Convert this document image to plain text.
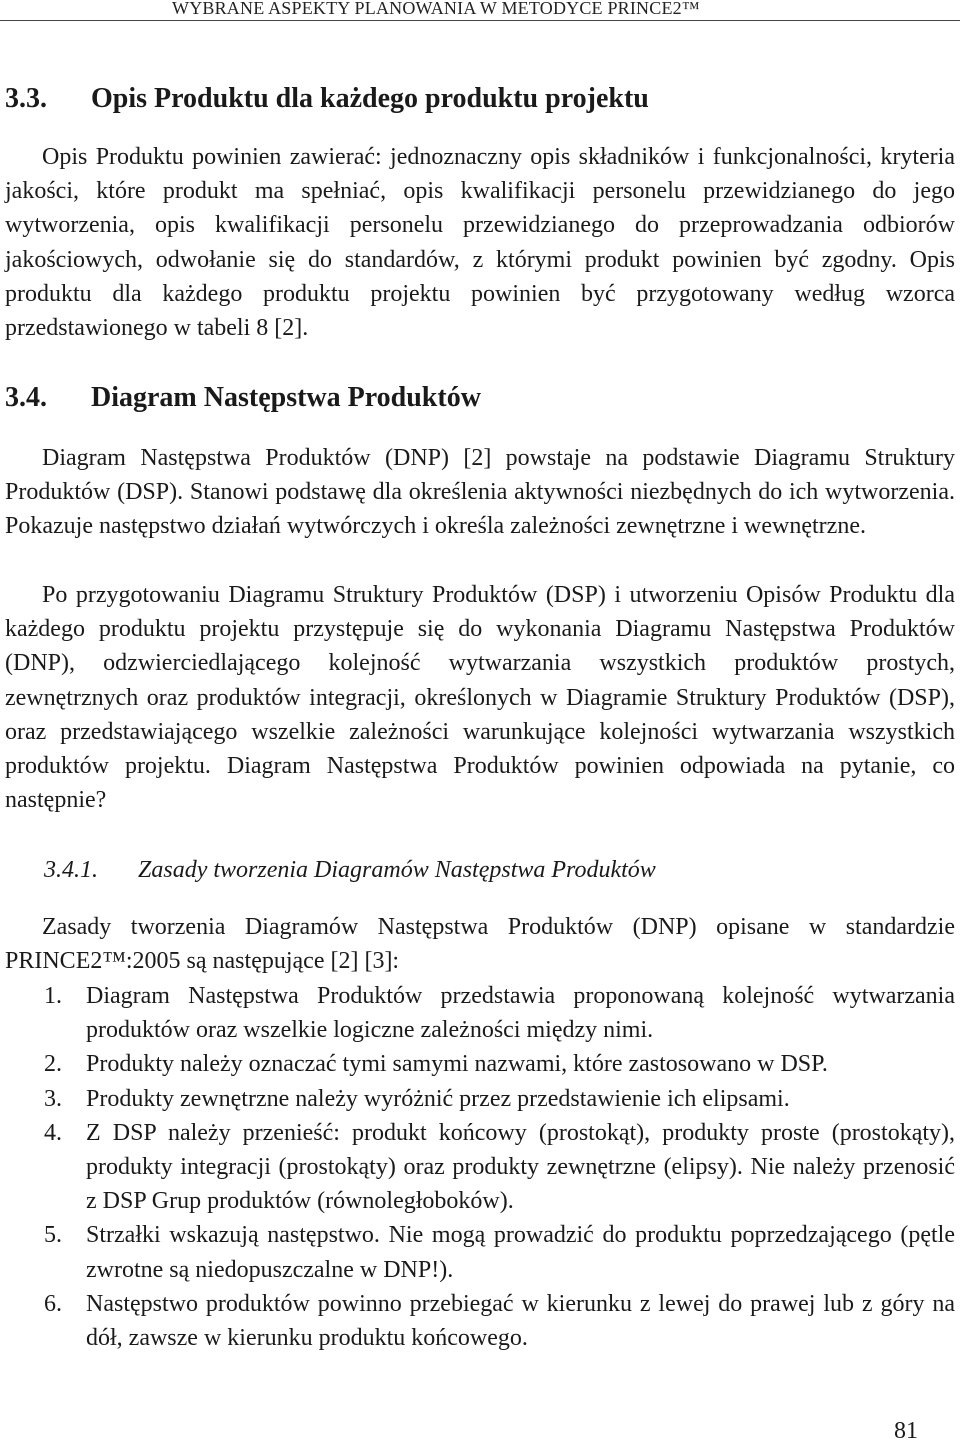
WYBRANE ASPEKTY PLANOWANIA W METODYCE PRINCE2™
3.3. Opis Produktu dla każdego produktu projektu

Opis Produktu powinien zawierać: jednoznaczny opis składników i funkcjonalności, kryteria jakości, które produkt ma spełniać, opis kwalifikacji personelu przewidzianego do jego wytworzenia, opis kwalifikacji personelu przewidzianego do przeprowadzania odbiorów jakościowych, odwołanie się do standardów, z którymi produkt powinien być zgodny. Opis produktu dla każdego produktu projektu powinien być przygotowany według wzorca przedstawionego w tabeli 8 [2].

3.4. Diagram Następstwa Produktów

Diagram Następstwa Produktów (DNP) [2] powstaje na podstawie Diagramu Struktury Produktów (DSP). Stanowi podstawę dla określenia aktywności niezbędnych do ich wytworzenia. Pokazuje następstwo działań wytwórczych i określa zależności zewnętrzne i wewnętrzne.

Po przygotowaniu Diagramu Struktury Produktów (DSP) i utworzeniu Opisów Produktu dla każdego produktu projektu przystępuje się do wykonania Diagramu Następstwa Produktów (DNP), odzwierciedlającego kolejność wytwarzania wszystkich produktów prostych, zewnętrznych oraz produktów integracji, określonych w Diagramie Struktury Produktów (DSP), oraz przedstawiającego wszelkie zależności warunkujące kolejności wytwarzania wszystkich produktów projektu. Diagram Następstwa Produktów powinien odpowiada na pytanie, co następnie?

3.4.1. Zasady tworzenia Diagramów Następstwa Produktów

Zasady tworzenia Diagramów Następstwa Produktów (DNP) opisane w standardzie PRINCE2™:2005 są następujące [2] [3]:

1. Diagram Następstwa Produktów przedstawia proponowaną kolejność wytwarzania produktów oraz wszelkie logiczne zależności między nimi.
2. Produkty należy oznaczać tymi samymi nazwami, które zastosowano w DSP.
3. Produkty zewnętrzne należy wyróżnić przez przedstawienie ich elipsami.
4. Z DSP należy przenieść: produkt końcowy (prostokąt), produkty proste (prostokąty), produkty integracji (prostokąty) oraz produkty zewnętrzne (elipsy). Nie należy przenosić z DSP Grup produktów (równoległoboków).
5. Strzałki wskazują następstwo. Nie mogą prowadzić do produktu poprzedzającego (pętle zwrotne są niedopuszczalne w DNP!).
6. Następstwo produktów powinno przebiegać w kierunku z lewej do prawej lub z góry na dół, zawsze w kierunku produktu końcowego.
81
